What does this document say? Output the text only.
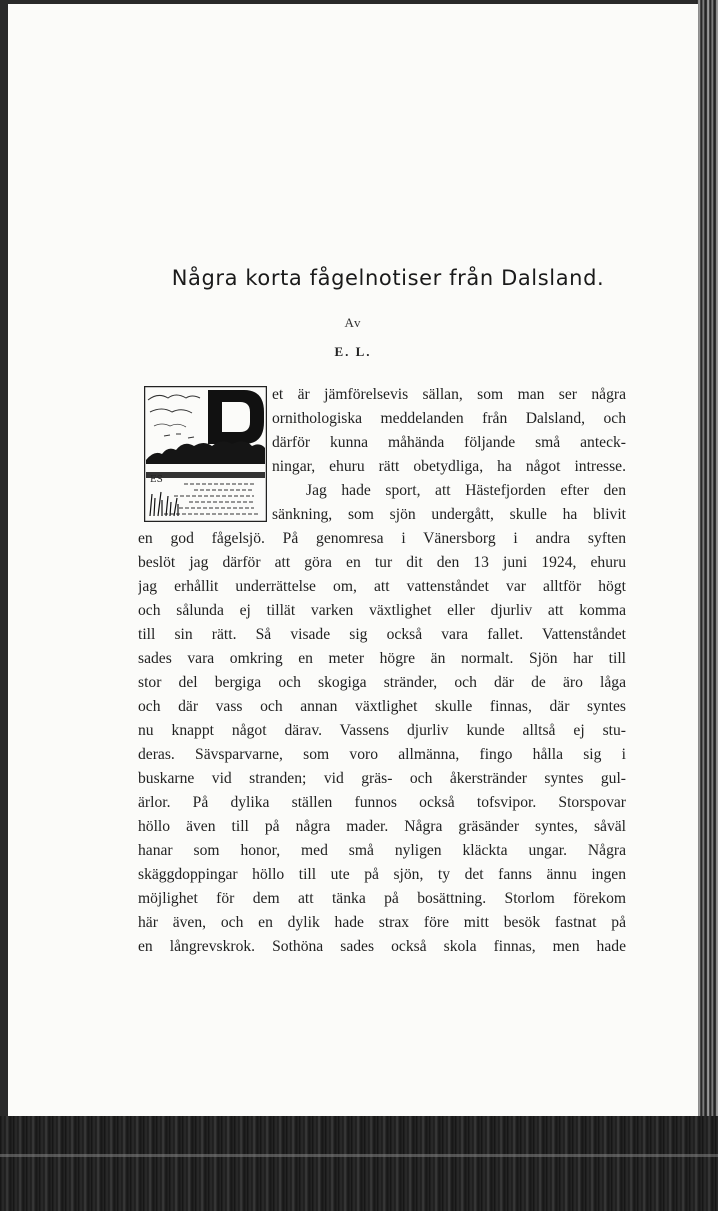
Några korta fågelnotiser från Dalsland.
Av
E. L.
ES
et är jämförelsevis sällan, som man ser några
ornithologiska meddelanden från Dalsland, och
därför kunna måhända följande små anteck-
ningar, ehuru rätt obetydliga, ha något intresse.
Jag hade sport, att Hästefjorden efter den
sänkning, som sjön undergått, skulle ha blivit
en god fågelsjö. På genomresa i Vänersborg i andra syften
beslöt jag därför att göra en tur dit den 13 juni 1924, ehuru
jag erhållit underrättelse om, att vattenståndet var alltför högt
och sålunda ej tillät varken växtlighet eller djurliv att komma
till sin rätt. Så visade sig också vara fallet. Vattenståndet
sades vara omkring en meter högre än normalt. Sjön har till
stor del bergiga och skogiga stränder, och där de äro låga
och där vass och annan växtlighet skulle finnas, där syntes
nu knappt något därav. Vassens djurliv kunde alltså ej stu-
deras. Sävsparvarne, som voro allmänna, fingo hålla sig i
buskarne vid stranden; vid gräs- och åkerstränder syntes gul-
ärlor. På dylika ställen funnos också tofsvipor. Storspovar
höllo även till på några mader. Några gräsänder syntes, såväl
hanar som honor, med små nyligen kläckta ungar. Några
skäggdoppingar höllo till ute på sjön, ty det fanns ännu ingen
möjlighet för dem att tänka på bosättning. Storlom förekom
här även, och en dylik hade strax före mitt besök fastnat på
en långrevskrok. Sothöna sades också skola finnas, men hade
